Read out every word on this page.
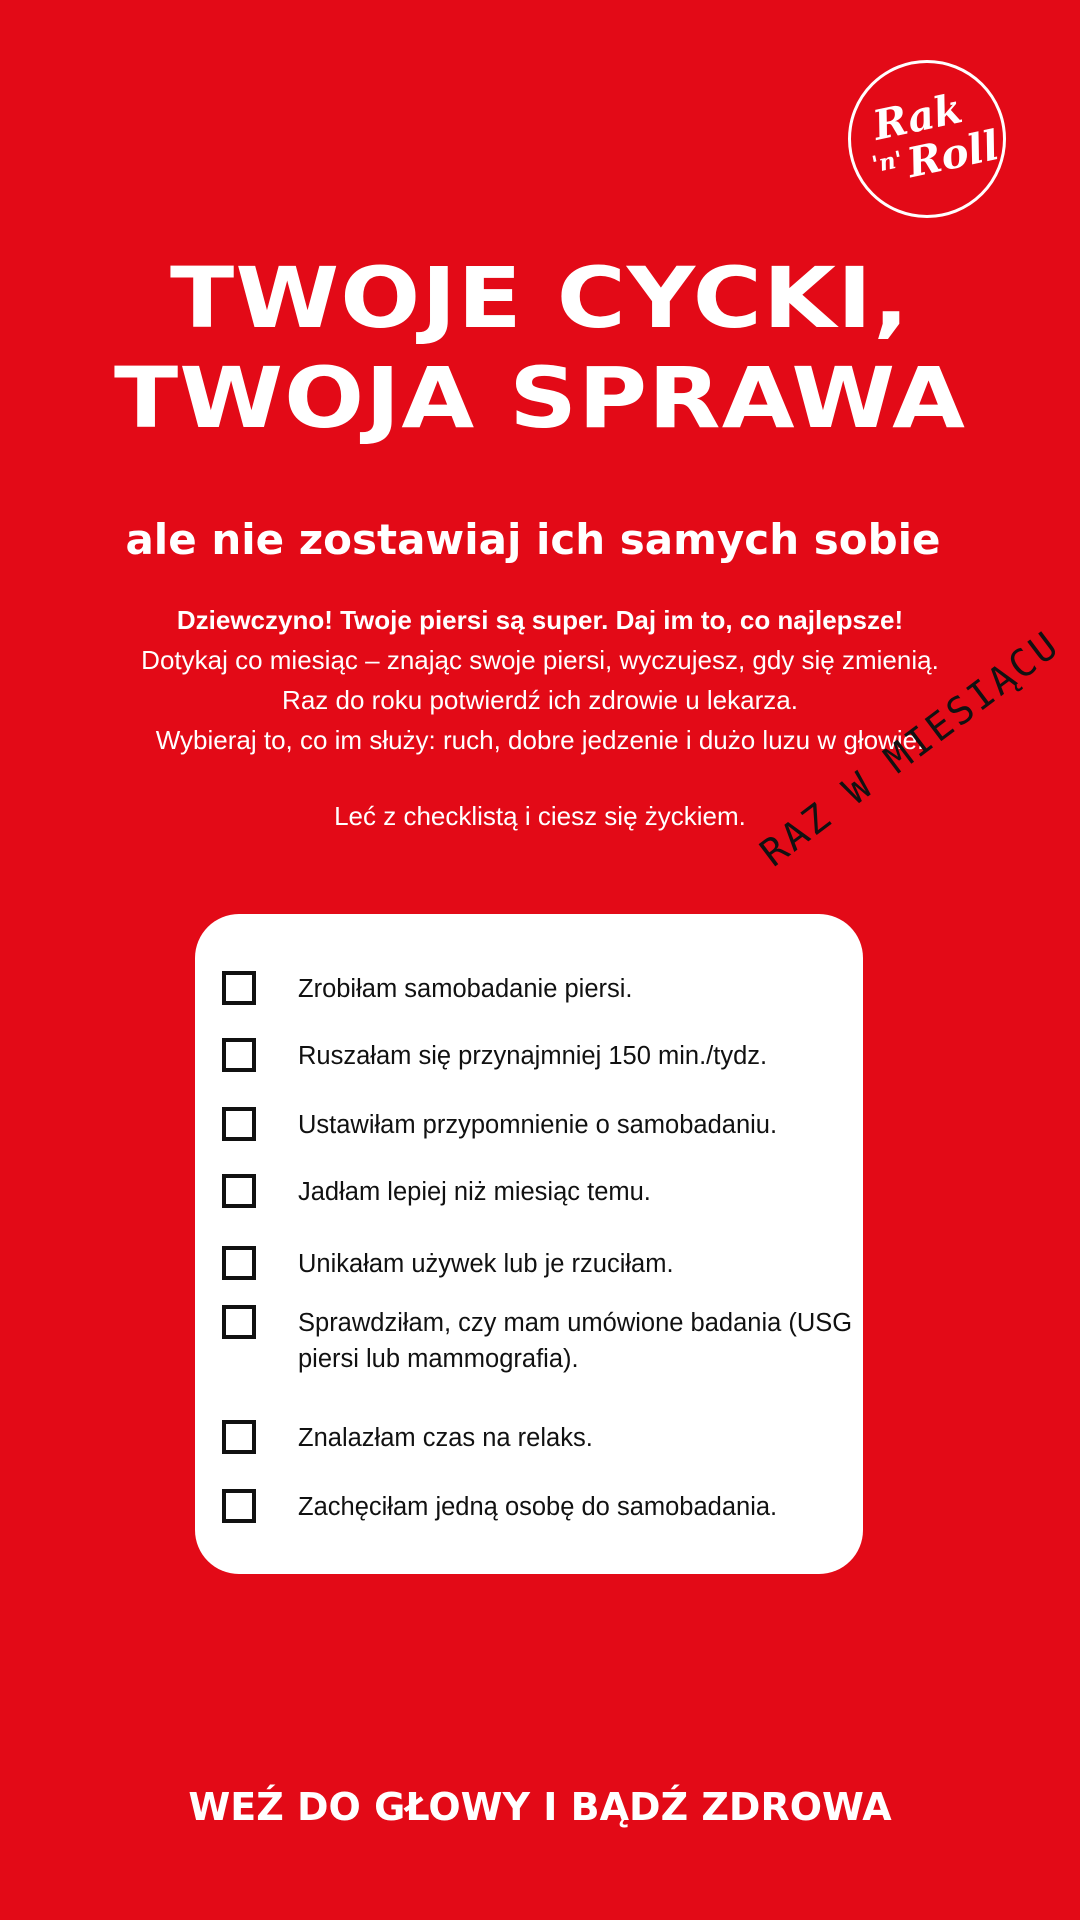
Rak
'n'
Roll
TWOJE CYCKI,
TWOJA SPRAWA
ale nie zostawiaj ich samych sobie

Dziewczyno! Twoje piersi są super. Daj im to, co najlepsze!

Dotykaj co miesiąc – znając swoje piersi, wyczujesz, gdy się zmienią.

Raz do roku potwierdź ich zdrowie u lekarza.

Wybieraj to, co im służy: ruch, dobre jedzenie i dużo luzu w głowie.

Leć z checklistą i ciesz się życkiem.

Zrobiłam samobadanie piersi.
Ruszałam się przynajmniej 150 min./tydz.
Ustawiłam przypomnienie o samobadaniu.
Jadłam lepiej niż miesiąc temu.
Unikałam używek lub je rzuciłam.
Sprawdziłam, czy mam umówione badania (USG piersi lub mammografia).
Znalazłam czas na relaks.
Zachęciłam jedną osobę do samobadania.
RAZ W MIESIĄCU
WEŹ DO GŁOWY I BĄDŹ ZDROWA
